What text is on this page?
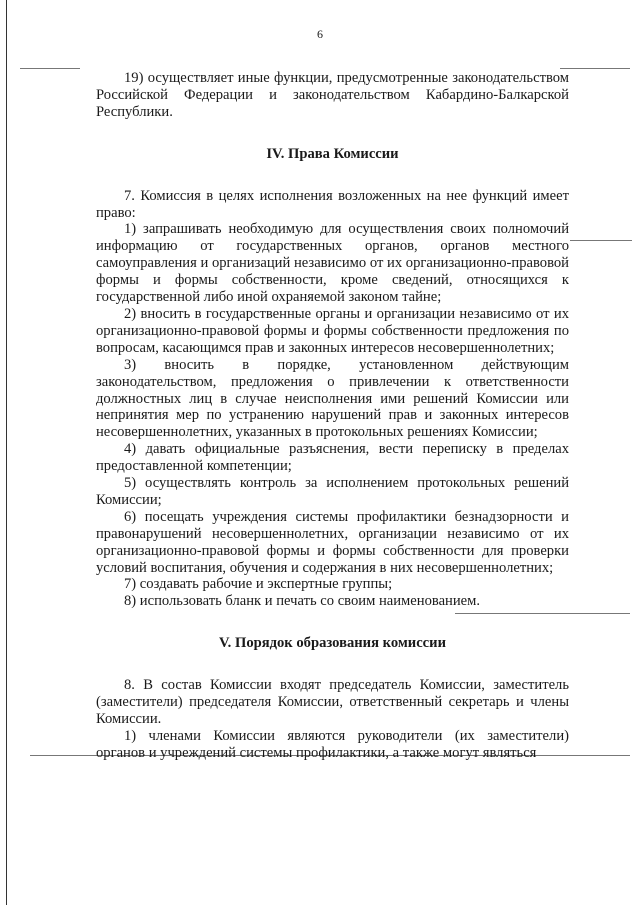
6

19) осуществляет иные функции, предусмотренные законодательством Российской Федерации и законодательством Кабардино-Балкарской Республики.

IV. Права Комиссии

7. Комиссия в целях исполнения возложенных на нее функций имеет право:

1) запрашивать необходимую для осуществления своих полномочий информацию от государственных органов, органов местного самоуправления и организаций независимо от их организационно-правовой формы и формы собственности, кроме сведений, относящихся к государственной либо иной охраняемой законом тайне;

2) вносить в государственные органы и организации независимо от их организационно-правовой формы и формы собственности предложения по вопросам, касающимся прав и законных интересов несовершеннолетних;

3) вносить в порядке, установленном действующим законодательством, предложения о привлечении к ответственности должностных лиц в случае неисполнения ими решений Комиссии или непринятия мер по устранению нарушений прав и законных интересов несовершеннолетних, указанных в протокольных решениях Комиссии;

4) давать официальные разъяснения, вести переписку в пределах предоставленной компетенции;

5) осуществлять контроль за исполнением протокольных решений Комиссии;

6) посещать учреждения системы профилактики безнадзорности и правонарушений несовершеннолетних, организации независимо от их организационно-правовой формы и формы собственности для проверки условий воспитания, обучения и содержания в них несовершеннолетних;

7) создавать рабочие и экспертные группы;

8) использовать бланк и печать со своим наименованием.

V. Порядок образования комиссии

8. В состав Комиссии входят председатель Комиссии, заместитель (заместители) председателя Комиссии, ответственный секретарь и члены Комиссии.

1) членами Комиссии являются руководители (их заместители) органов и учреждений системы профилактики, а также могут являться
